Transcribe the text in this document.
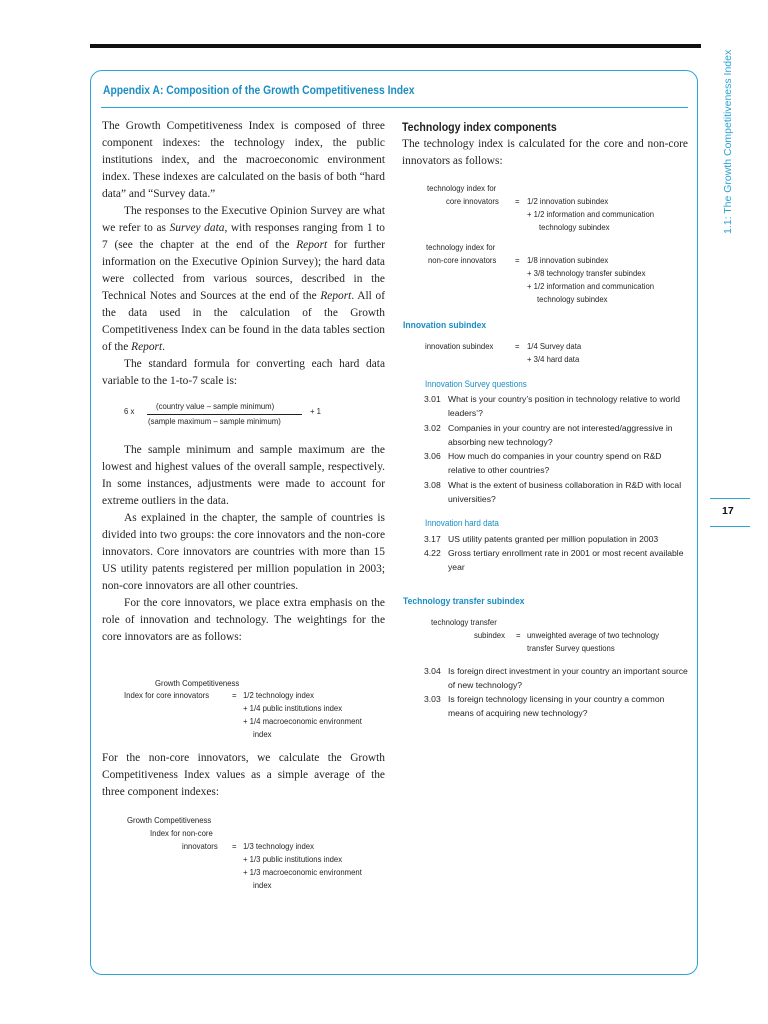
1.1: The Growth Competitiveness Index
17
Appendix A: Composition of the Growth Competitiveness Index

The Growth Competitiveness Index is composed of three component indexes: the technology index, the public institutions index, and the macroeconomic environment index. These indexes are calculated on the basis of both “hard data” and “Survey data.”

The responses to the Executive Opinion Survey are what we refer to as Survey data, with responses ranging from 1 to 7 (see the chapter at the end of the Report for further information on the Executive Opinion Survey); the hard data were collected from various sources, described in the Technical Notes and Sources at the end of the Report. All of the data used in the calculation of the Growth Competitiveness Index can be found in the data tables section of the Report.

The standard formula for converting each hard data variable to the 1-to-7 scale is:

6 x	(country value – sample minimum)
(sample maximum – sample minimum)
+ 1

The sample minimum and sample maximum are the lowest and highest values of the overall sample, respectively. In some instances, adjustments were made to account for extreme outliers in the data.

As explained in the chapter, the sample of countries is divided into two groups: the core innovators and the non-core innovators. Core innovators are countries with more than 15 US utility patents registered per million population in 2003; non-core innovators are all other countries.

For the core innovators, we place extra emphasis on the role of innovation and technology. The weightings for the core innovators are as follows:

Growth Competitiveness
Index for core innovators	= 1/2 technology index
+ 1/4 public institutions index
+ 1/4 macroeconomic environment
index

For the non-core innovators, we calculate the Growth Competitiveness Index values as a simple average of the three component indexes:

Growth Competitiveness
Index for non-core
innovators = 1/3 technology index
+ 1/3 public institutions index
+ 1/3 macroeconomic environment
index
Technology index components

The technology index is calculated for the core and non-core innovators as follows:

technology index for
core innovators = 1/2 innovation subindex
+ 1/2 information and communication
technology subindex
technology index for
non-core innovators = 1/8 innovation subindex
+ 3/8 technology transfer subindex
+ 1/2 information and communication
technology subindex
Innovation subindex
innovation subindex	= 1/4 Survey data
+ 3/4 hard data
Innovation Survey questions
3.01 What is your country’s position in technology relative to world leaders’?
3.02 Companies in your country are not interested/aggressive in absorbing new technology?
3.06 How much do companies in your country spend on R&D relative to other countries?
3.08 What is the extent of business collaboration in R&D with local universities?
Innovation hard data
3.17 US utility patents granted per million population in 2003
4.22 Gross tertiary enrollment rate in 2001 or most recent available year
Technology transfer subindex
technology transfer
subindex = unweighted average of two technology
transfer Survey questions
3.04 Is foreign direct investment in your country an important source of new technology?
3.03 Is foreign technology licensing in your country a common means of acquiring new technology?
